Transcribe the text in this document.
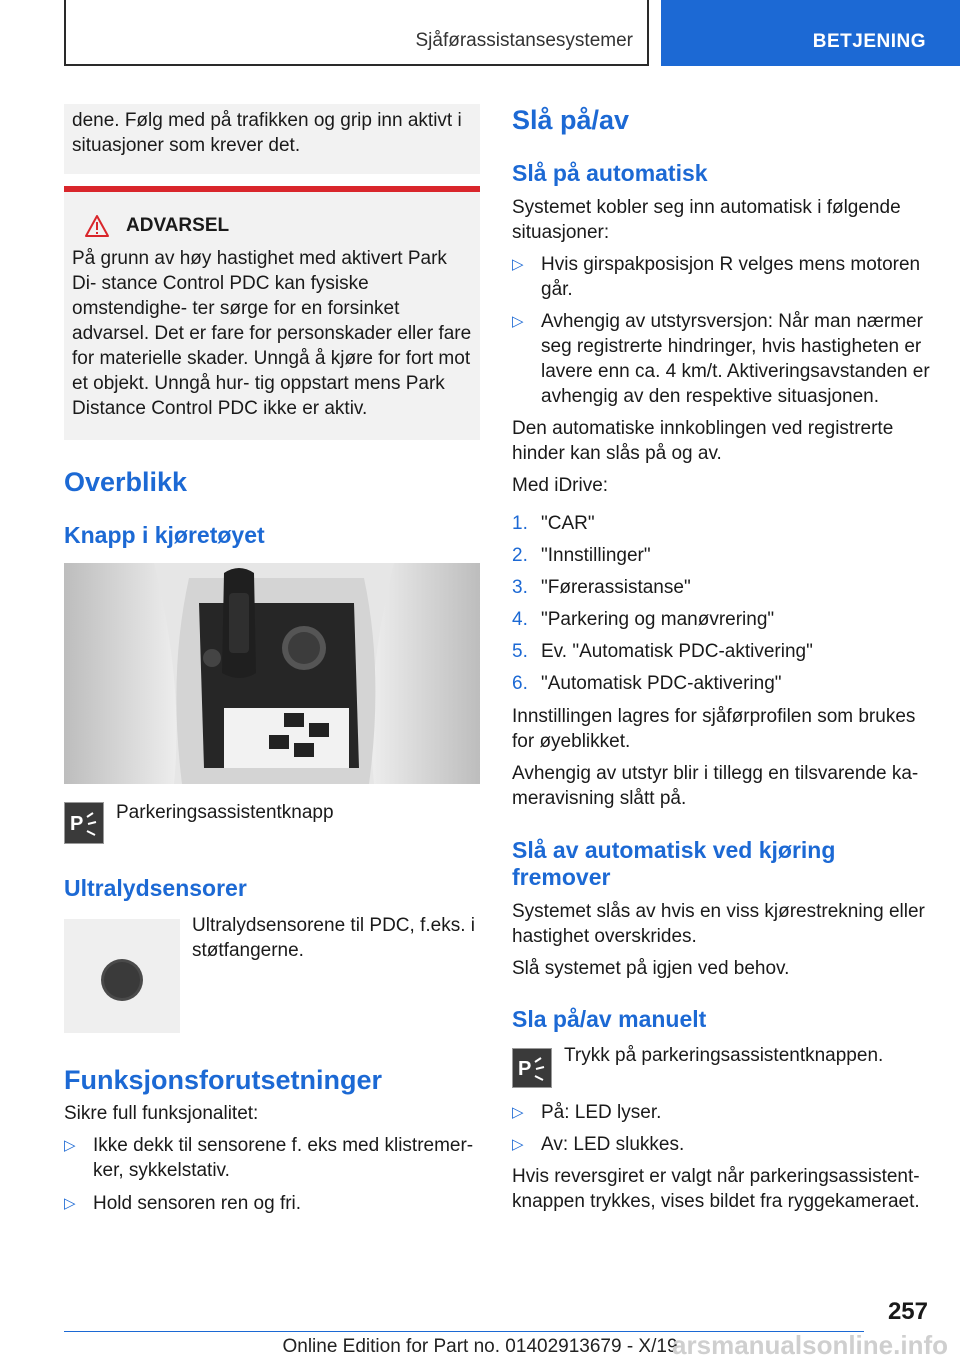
Sjåførassistansesystemer	BETJENING

dene. Følg med på trafikken og grip inn aktivt i situasjoner som krever det.

ADVARSEL

På grunn av høy hastighet med aktivert Park Di- stance Control PDC kan fysiske omstendighe- ter sørge for en forsinket advarsel. Det er fare for personskader eller fare for materielle skader. Unngå å kjøre for fort mot et objekt. Unngå hur- tig oppstart mens Park Distance Control PDC ikke er aktiv.

Overblikk
Knapp i kjøretøyet
P

Parkeringsassistentknapp

Ultralydsensorer

Ultralydsensorene til PDC, f.eks. i støtfangerne.

Funksjonsforutsetninger

Sikre full funksjonalitet:

▷ Ikke dekk til sensorene f. eks med klistremer- ker, sykkelstativ.
▷ Hold sensoren ren og fri.
Slå på/av
Slå på automatisk

Systemet kobler seg inn automatisk i følgende situasjoner:

▷ Hvis girspakposisjon R velges mens motoren går.
▷ Avhengig av utstyrsversjon: Når man nærmer seg registrerte hindringer, hvis hastigheten er lavere enn ca. 4 km/t. Aktiveringsavstanden er avhengig av den respektive situasjonen.

Den automatiske innkoblingen ved registrerte hinder kan slås på og av.

Med iDrive:

1. "CAR"
2. "Innstillinger"
3. "Førerassistanse"
4. "Parkering og manøvrering"
5. Ev. "Automatisk PDC-aktivering"
6. "Automatisk PDC-aktivering"

Innstillingen lagres for sjåførprofilen som brukes for øyeblikket.

Avhengig av utstyr blir i tillegg en tilsvarende ka- meravisning slått på.

Slå av automatisk ved kjøring fremover

Systemet slås av hvis en viss kjørestrekning eller hastighet overskrides.

Slå systemet på igjen ved behov.

Sla på/av manuelt
P

Trykk på parkeringsassistentknappen.

▷ På: LED lyser.
▷ Av: LED slukkes.

Hvis reversgiret er valgt når parkeringsassistent- knappen trykkes, vises bildet fra ryggekameraet.

257
Online Edition for Part no. 01402913679 - X/19
arsmanualsonline.info
